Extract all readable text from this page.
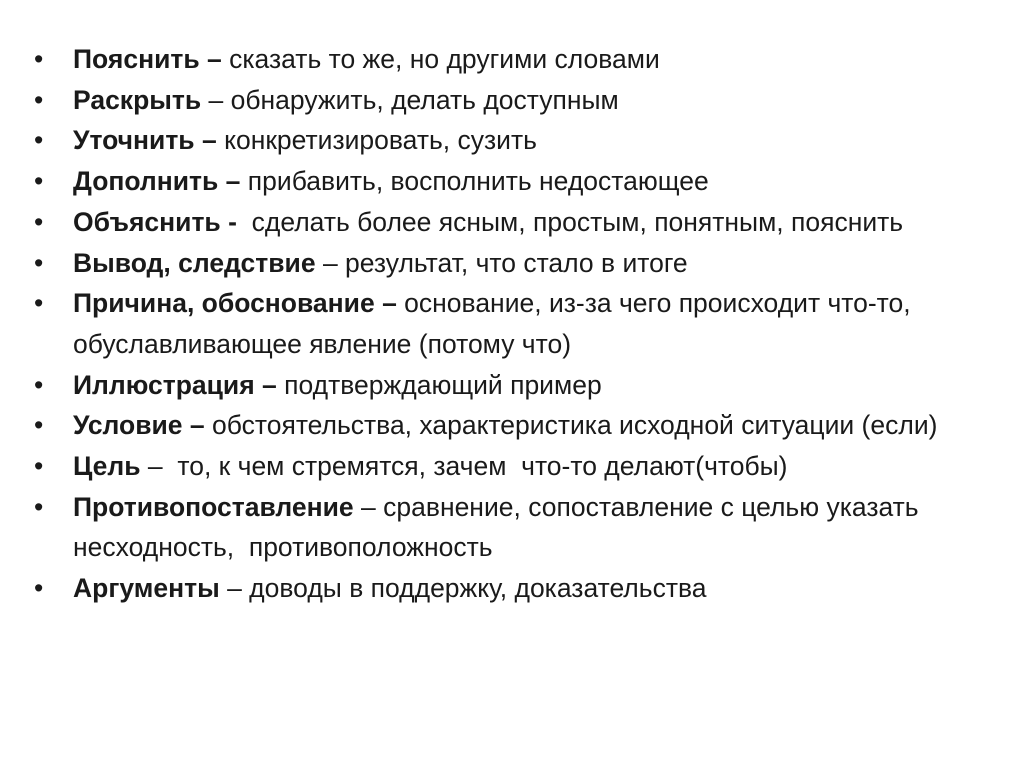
•	Пояснить – сказать то же, но другими словами
•	Раскрыть – обнаружить, делать доступным
•	Уточнить – конкретизировать, сузить
•	Дополнить – прибавить, восполнить недостающее
•	Объяснить -  сделать более ясным, простым, понятным, пояснить
•	Вывод, следствие – результат, что стало в итоге
•	Причина, обоснование – основание, из-за чего происходит что-то, обуславливающее явление (потому что)
•	Иллюстрация – подтверждающий пример
•	Условие – обстоятельства, характеристика исходной ситуации (если)
•	Цель –  то, к чем стремятся, зачем  что-то делают(чтобы)
•	Противопоставление – сравнение, сопоставление с целью указать несходность,  противоположность
•	Аргументы – доводы в поддержку, доказательства
